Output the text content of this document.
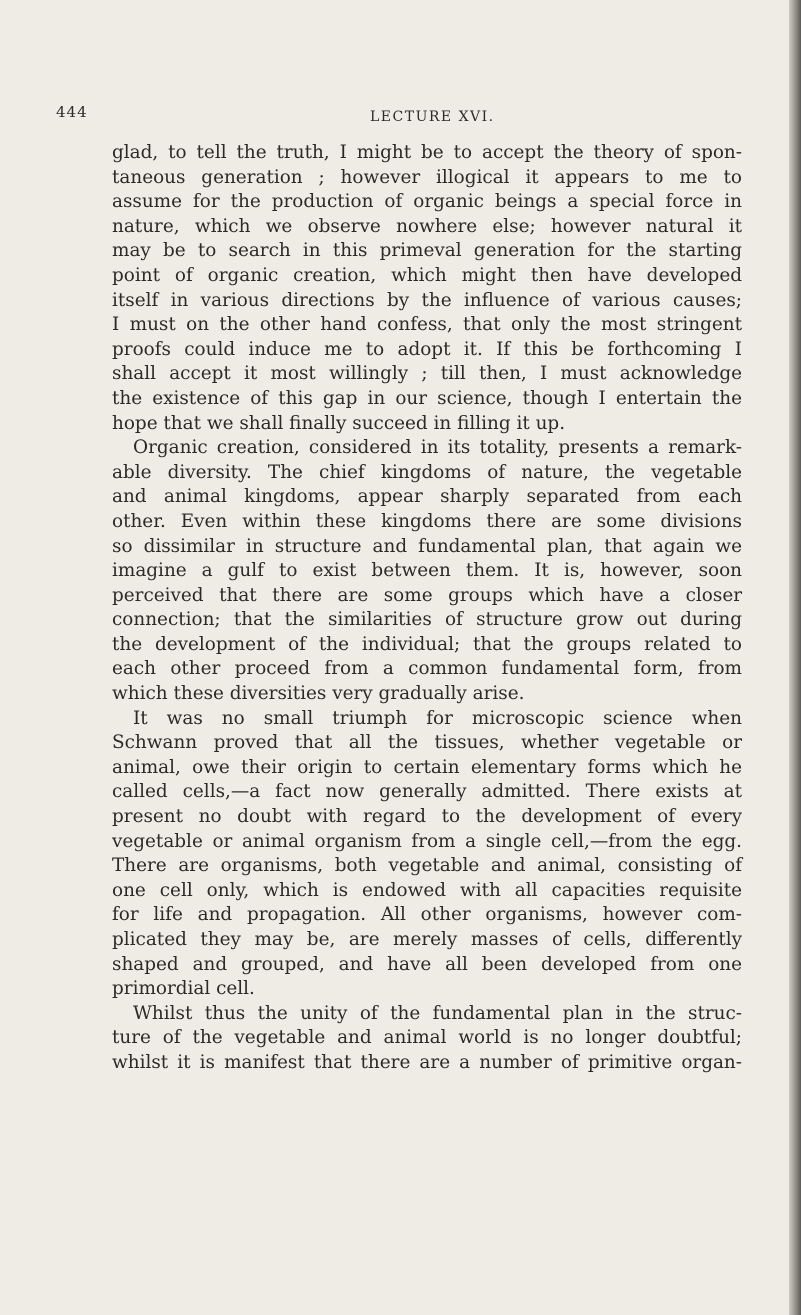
444	LECTURE XVI.
glad, to tell the truth, I might be to accept the theory of spon-
taneous generation ; however illogical it appears to me to
assume for the production of organic beings a special force in
nature, which we observe nowhere else; however natural it
may be to search in this primeval generation for the starting
point of organic creation, which might then have developed
itself in various directions by the influence of various causes;
I must on the other hand confess, that only the most stringent
proofs could induce me to adopt it. If this be forthcoming I
shall accept it most willingly ; till then, I must acknowledge
the existence of this gap in our science, though I entertain the
hope that we shall finally succeed in filling it up.
Organic creation, considered in its totality, presents a remark-
able diversity. The chief kingdoms of nature, the vegetable
and animal kingdoms, appear sharply separated from each
other. Even within these kingdoms there are some divisions
so dissimilar in structure and fundamental plan, that again we
imagine a gulf to exist between them. It is, however, soon
perceived that there are some groups which have a closer
connection; that the similarities of structure grow out during
the development of the individual; that the groups related to
each other proceed from a common fundamental form, from
which these diversities very gradually arise.
It was no small triumph for microscopic science when
Schwann proved that all the tissues, whether vegetable or
animal, owe their origin to certain elementary forms which he
called cells,—a fact now generally admitted. There exists at
present no doubt with regard to the development of every
vegetable or animal organism from a single cell,—from the egg.
There are organisms, both vegetable and animal, consisting of
one cell only, which is endowed with all capacities requisite
for life and propagation. All other organisms, however com-
plicated they may be, are merely masses of cells, differently
shaped and grouped, and have all been developed from one
primordial cell.
Whilst thus the unity of the fundamental plan in the struc-
ture of the vegetable and animal world is no longer doubtful;
whilst it is manifest that there are a number of primitive organ-
